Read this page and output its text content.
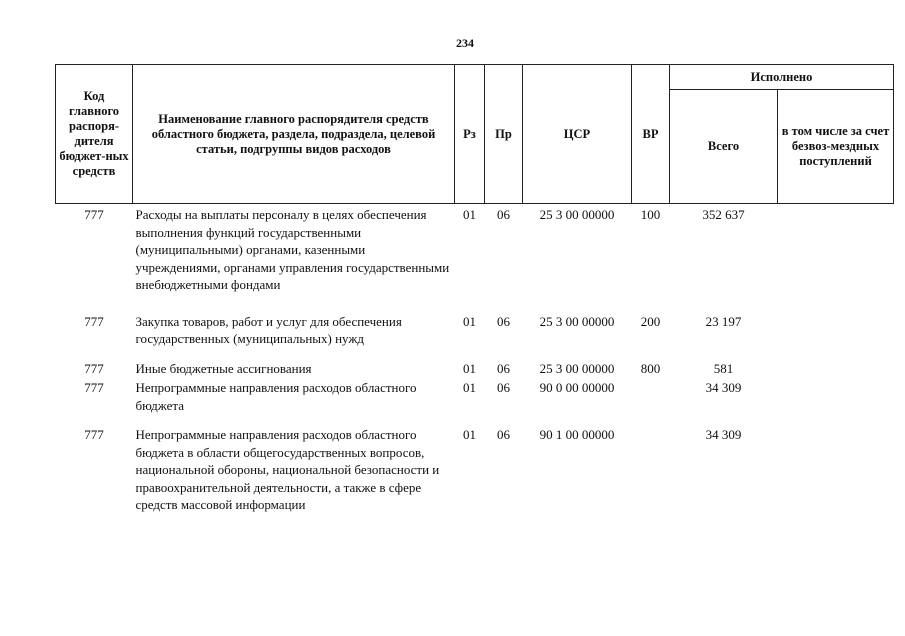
234
Код главного распоря-дителя бюджет-ных средств	Наименование главного распорядителя средств областного бюджета, раздела, подраздела, целевой статьи, подгруппы видов расходов	Рз	Пр	ЦСР	ВР	Исполнено	
						Всего	в том числе за счет безвоз-мездных поступлений
777	Расходы на выплаты персоналу в целях обеспечения выполнения функций государственными (муниципальными) органами, казенными учреждениями, органами управления государственными внебюджетными фондами	01	06	25 3 00 00000	100	352 637	
777	Закупка товаров, работ и услуг для обеспечения государственных (муниципальных) нужд	01	06	25 3 00 00000	200	23 197	
777	Иные бюджетные ассигнования	01	06	25 3 00 00000	800	581	
777	Непрограммные направления расходов областного бюджета	01	06	90 0 00 00000		34 309	
777	Непрограммные направления расходов областного бюджета в области общегосударственных вопросов, национальной обороны, национальной безопасности и правоохранительной деятельности, а также в сфере средств массовой информации	01	06	90 1 00 00000		34 309	
